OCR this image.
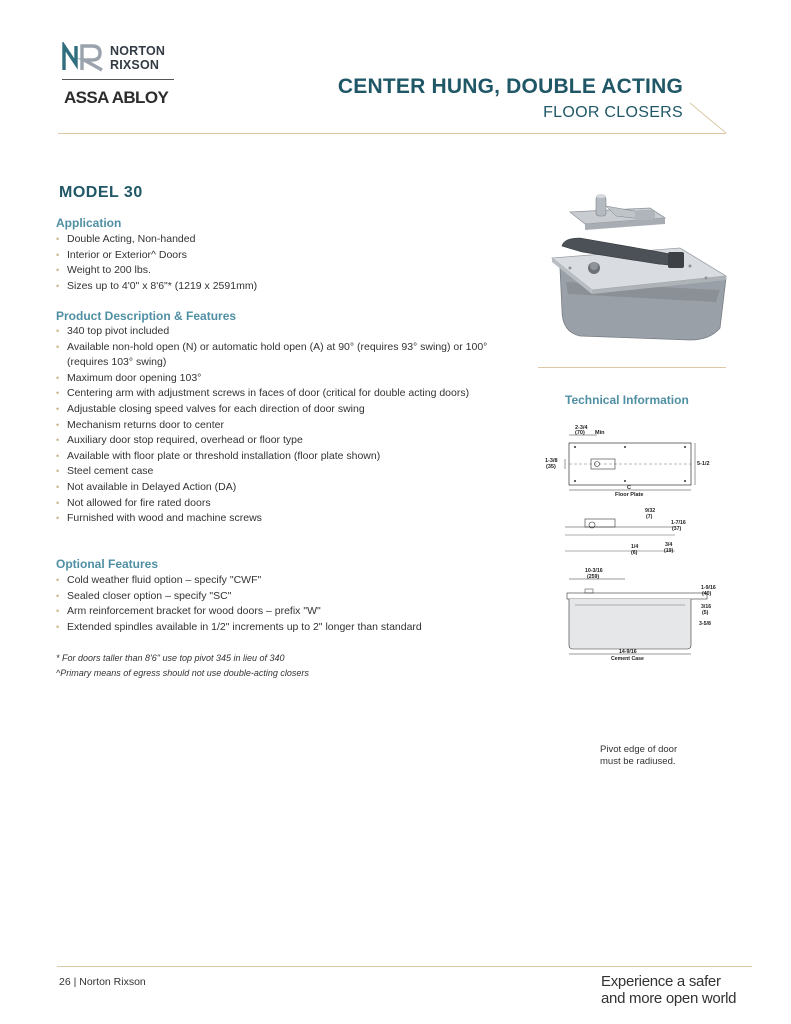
NORTON
RIXSON
ASSA ABLOY	CENTER HUNG, DOUBLE ACTING
FLOOR CLOSERS
MODEL 30
Application
• Double Acting, Non-handed
• Interior or Exterior^ Doors
• Weight to 200 lbs.
• Sizes up to 4'0" x 8'6"* (1219 x 2591mm)
Product Description & Features
• 340 top pivot included
• Available non-hold open (N) or automatic hold open (A) at 90° (requires 93° swing) or 100° (requires 103° swing)
• Maximum door opening 103°
• Centering arm with adjustment screws in faces of door (critical for double acting doors)
• Adjustable closing speed valves for each direction of door swing
• Mechanism returns door to center
• Auxiliary door stop required, overhead or floor type
• Available with floor plate or threshold installation (floor plate shown)
• Steel cement case
• Not available in Delayed Action (DA)
• Not allowed for fire rated doors
• Furnished with wood and machine screws
Optional Features
• Cold weather fluid option – specify "CWF"
• Sealed closer option – specify "SC"
• Arm reinforcement bracket for wood doors – prefix "W"
• Extended spindles available in 1/2" increments up to 2" longer than standard
* For doors taller than 8'6" use top pivot 345 in lieu of 340
^Primary means of egress should not use double-acting closers
Technical Information
2-3/4
(70) Min
1-3/8
(35)	5-1/2
C
Floor Plate
9/32
(7)
1-7/16
(37)
1/4
(6)
3/4
(19)
10-3/16
(259)
1-9/16
(40)
3/16
(5)
3-5/8
14-9/16
Cement Case
Pivot edge of door
must be radiused.
26 | Norton Rixson	Experience a safer
and more open world
